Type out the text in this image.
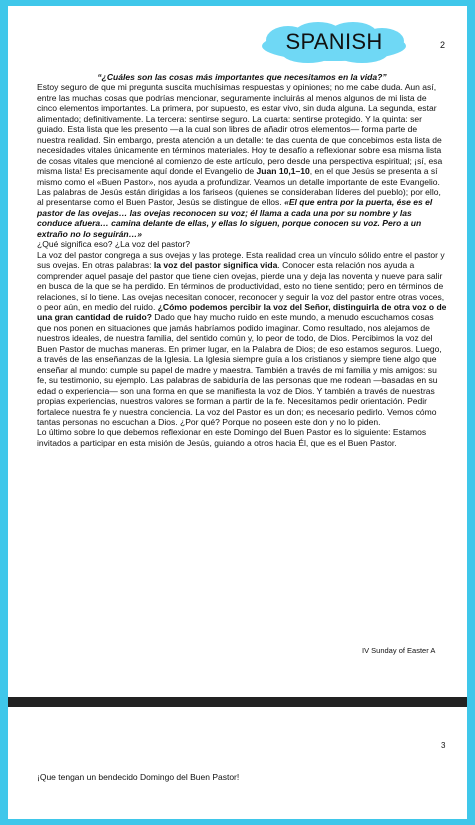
SPANISH	2

“¿Cuáles son las cosas más importantes que necesitamos en la vida?”

Estoy seguro de que mi pregunta suscita muchísimas respuestas y opiniones; no me cabe duda. Aun así, entre las muchas cosas que podrías mencionar, seguramente incluirás al menos algunos de mi lista de cinco elementos importantes. La primera, por supuesto, es estar vivo, sin duda alguna. La segunda, estar alimentado; definitivamente. La tercera: sentirse seguro. La cuarta: sentirse protegido. Y la quinta: ser guiado. Esta lista que les presento —a la cual son libres de añadir otros elementos— forma parte de nuestra realidad. Sin embargo, presta atención a un detalle: te das cuenta de que concebimos esta lista de necesidades vitales únicamente en términos materiales. Hoy te desafío a reflexionar sobre esa misma lista de cosas vitales que mencioné al comienzo de este artículo, pero desde una perspectiva espiritual; ¡sí, esa misma lista! Es precisamente aquí donde el Evangelio de Juan 10,1–10, en el que Jesús se presenta a sí mismo como el «Buen Pastor», nos ayuda a profundizar. Veamos un detalle importante de este Evangelio. Las palabras de Jesús están dirigidas a los fariseos (quienes se consideraban líderes del pueblo); por ello, al presentarse como el Buen Pastor, Jesús se distingue de ellos. «El que entra por la puerta, ése es el pastor de las ovejas… las ovejas reconocen su voz; él llama a cada una por su nombre y las conduce afuera… camina delante de ellas, y ellas lo siguen, porque conocen su voz. Pero a un extraño no lo seguirán…»

¿Qué significa eso? ¿La voz del pastor?

La voz del pastor congrega a sus ovejas y las protege. Esta realidad crea un vínculo sólido entre el pastor y sus ovejas. En otras palabras: la voz del pastor significa vida. Conocer esta relación nos ayuda a comprender aquel pasaje del pastor que tiene cien ovejas, pierde una y deja las noventa y nueve para salir en busca de la que se ha perdido. En términos de productividad, esto no tiene sentido; pero en términos de relaciones, sí lo tiene. Las ovejas necesitan conocer, reconocer y seguir la voz del pastor entre otras voces, o peor aún, en medio del ruido. ¿Cómo podemos percibir la voz del Señor, distinguirla de otra voz o de una gran cantidad de ruido? Dado que hay mucho ruido en este mundo, a menudo escuchamos cosas que nos ponen en situaciones que jamás habríamos podido imaginar. Como resultado, nos alejamos de nuestros ideales, de nuestra familia, del sentido común y, lo peor de todo, de Dios. Percibimos la voz del Buen Pastor de muchas maneras. En primer lugar, en la Palabra de Dios; de eso estamos seguros. Luego, a través de las enseñanzas de la Iglesia. La Iglesia siempre guía a los cristianos y siempre tiene algo que enseñar al mundo: cumple su papel de madre y maestra. También a través de mi familia y mis amigos: su fe, su testimonio, su ejemplo. Las palabras de sabiduría de las personas que me rodean —basadas en su edad o experiencia— son una forma en que se manifiesta la voz de Dios. Y también a través de nuestras propias experiencias, nuestros valores se forman a partir de la fe. Necesitamos pedir orientación. Pedir fortalece nuestra fe y nuestra conciencia. La voz del Pastor es un don; es necesario pedirlo. Vemos cómo tantas personas no escuchan a Dios. ¿Por qué? Porque no poseen este don y no lo piden.

Lo último sobre lo que debemos reflexionar en este Domingo del Buen Pastor es lo siguiente: Estamos invitados a participar en esta misión de Jesús, guiando a otros hacia Él, que es el Buen Pastor.

IV Sunday of Easter A
3
¡Que tengan un bendecido Domingo del Buen Pastor!
